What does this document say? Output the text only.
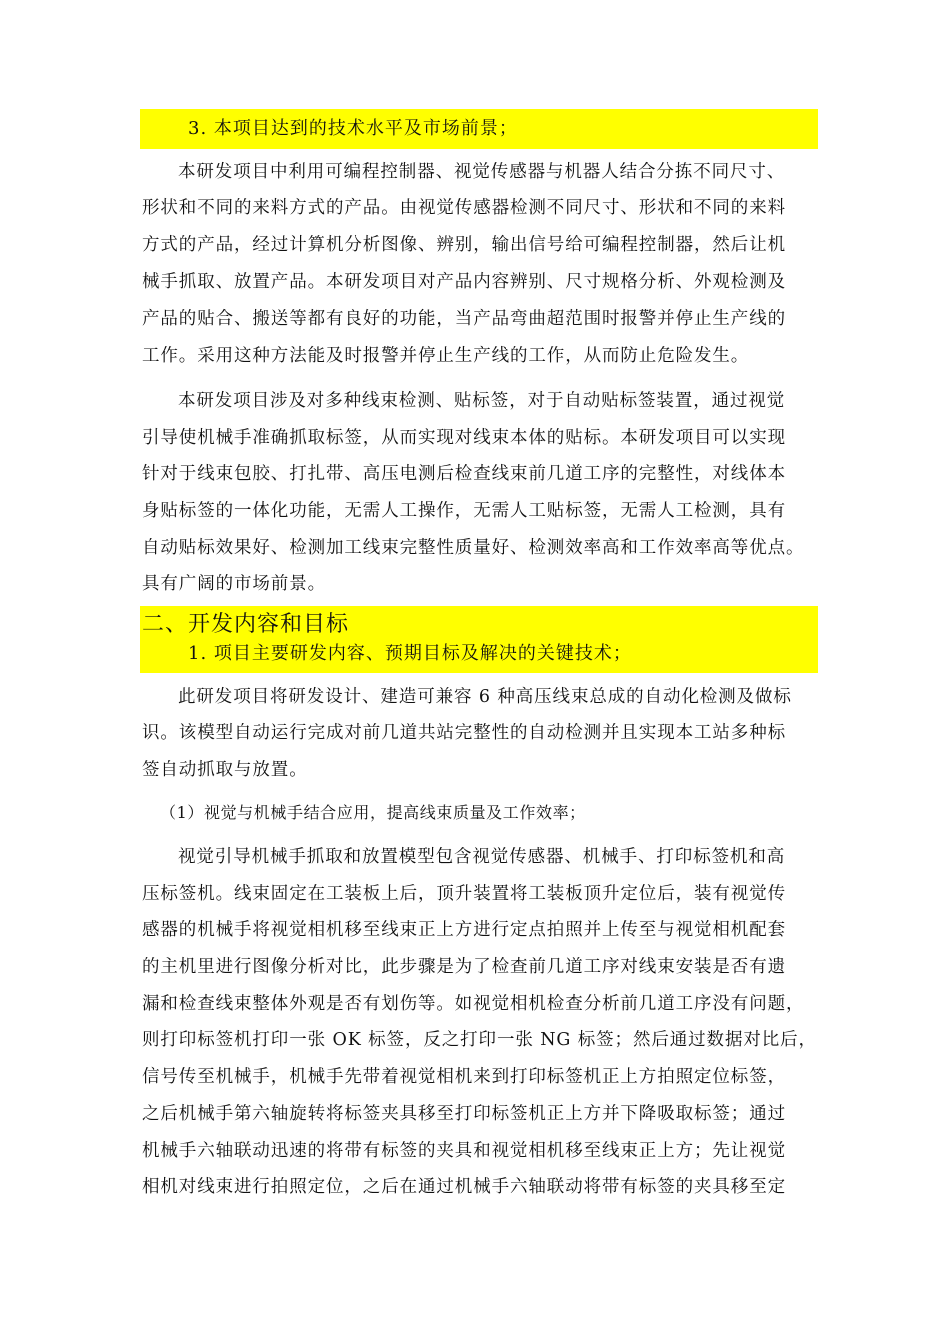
3. 本项目达到的技术水平及市场前景；
本研发项目中利用可编程控制器、视觉传感器与机器人结合分拣不同尺寸、
形状和不同的来料方式的产品。由视觉传感器检测不同尺寸、形状和不同的来料
方式的产品，经过计算机分析图像、辨别，输出信号给可编程控制器，然后让机
械手抓取、放置产品。本研发项目对产品内容辨别、尺寸规格分析、外观检测及
产品的贴合、搬送等都有良好的功能，当产品弯曲超范围时报警并停止生产线的
工作。采用这种方法能及时报警并停止生产线的工作，从而防止危险发生。
本研发项目涉及对多种线束检测、贴标签，对于自动贴标签装置，通过视觉
引导使机械手准确抓取标签，从而实现对线束本体的贴标。本研发项目可以实现
针对于线束包胶、打扎带、高压电测后检查线束前几道工序的完整性，对线体本
身贴标签的一体化功能，无需人工操作，无需人工贴标签，无需人工检测，具有
自动贴标效果好、检测加工线束完整性质量好、检测效率高和工作效率高等优点。
具有广阔的市场前景。
二、开发内容和目标
1. 项目主要研发内容、预期目标及解决的关键技术；
此研发项目将研发设计、建造可兼容 6 种高压线束总成的自动化检测及做标
识。该模型自动运行完成对前几道共站完整性的自动检测并且实现本工站多种标
签自动抓取与放置。
（1）视觉与机械手结合应用，提高线束质量及工作效率；
视觉引导机械手抓取和放置模型包含视觉传感器、机械手、打印标签机和高
压标签机。线束固定在工装板上后，顶升装置将工装板顶升定位后，装有视觉传
感器的机械手将视觉相机移至线束正上方进行定点拍照并上传至与视觉相机配套
的主机里进行图像分析对比，此步骤是为了检查前几道工序对线束安装是否有遗
漏和检查线束整体外观是否有划伤等。如视觉相机检查分析前几道工序没有问题，
则打印标签机打印一张 OK 标签，反之打印一张 NG 标签；然后通过数据对比后，
信号传至机械手，机械手先带着视觉相机来到打印标签机正上方拍照定位标签，
之后机械手第六轴旋转将标签夹具移至打印标签机正上方并下降吸取标签；通过
机械手六轴联动迅速的将带有标签的夹具和视觉相机移至线束正上方；先让视觉
相机对线束进行拍照定位，之后在通过机械手六轴联动将带有标签的夹具移至定
